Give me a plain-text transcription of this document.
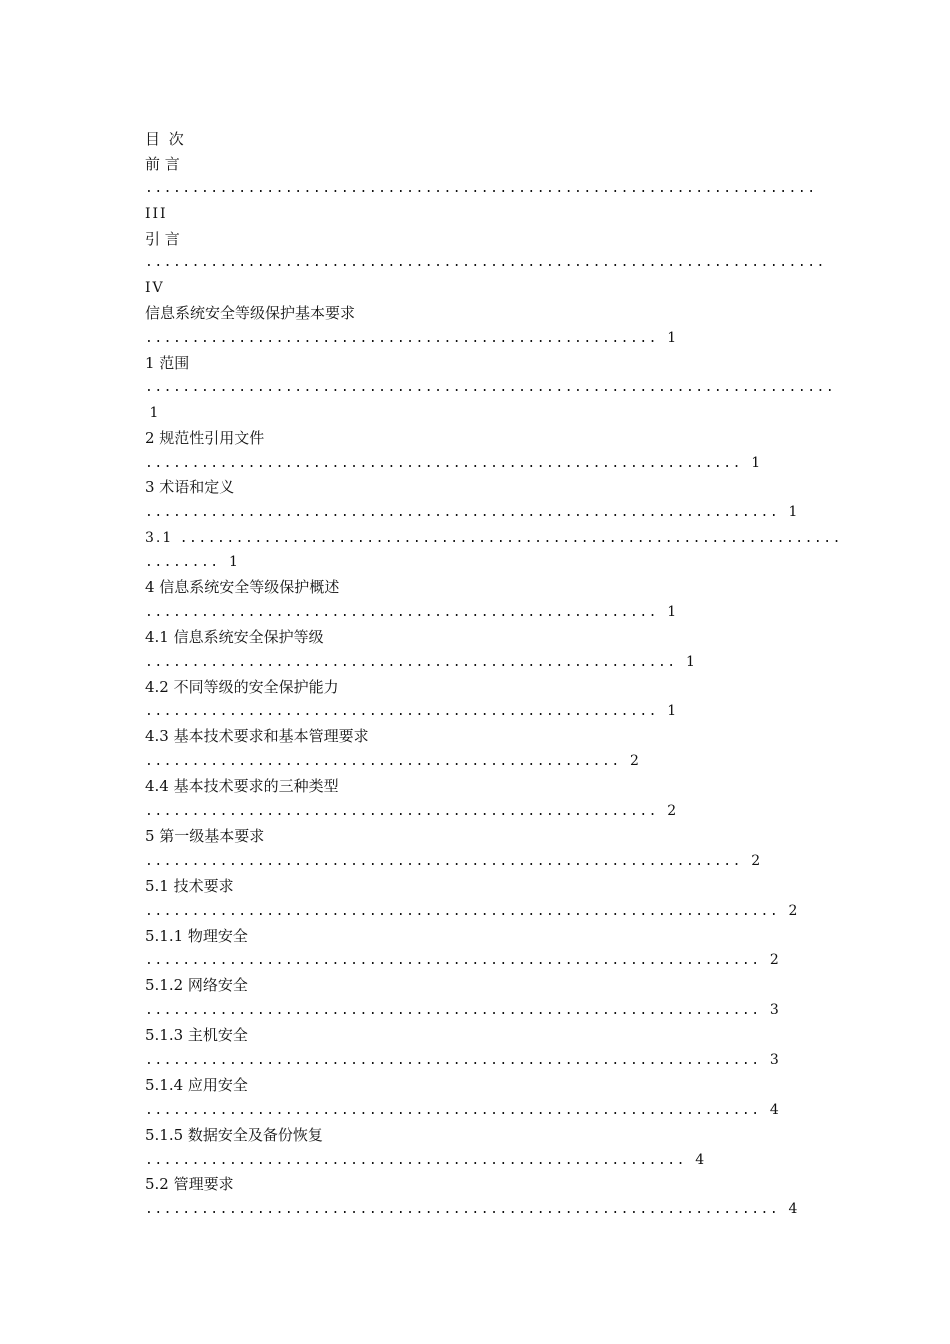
目 次
前 言
........................................................................
III
引 言
.........................................................................
IV
信息系统安全等级保护基本要求
....................................................... 1
1 范围
..........................................................................
1
2 规范性引用文件
................................................................ 1
3 术语和定义
.................................................................... 1
3.1 .......................................................................
........ 1
4 信息系统安全等级保护概述
....................................................... 1
4.1 信息系统安全保护等级
......................................................... 1
4.2 不同等级的安全保护能力
....................................................... 1
4.3 基本技术要求和基本管理要求
................................................... 2
4.4 基本技术要求的三种类型
....................................................... 2
5 第一级基本要求
................................................................ 2
5.1 技术要求
.................................................................... 2
5.1.1 物理安全
.................................................................. 2
5.1.2 网络安全
.................................................................. 3
5.1.3 主机安全
.................................................................. 3
5.1.4 应用安全
.................................................................. 4
5.1.5 数据安全及备份恢复
.......................................................... 4
5.2 管理要求
.................................................................... 4
